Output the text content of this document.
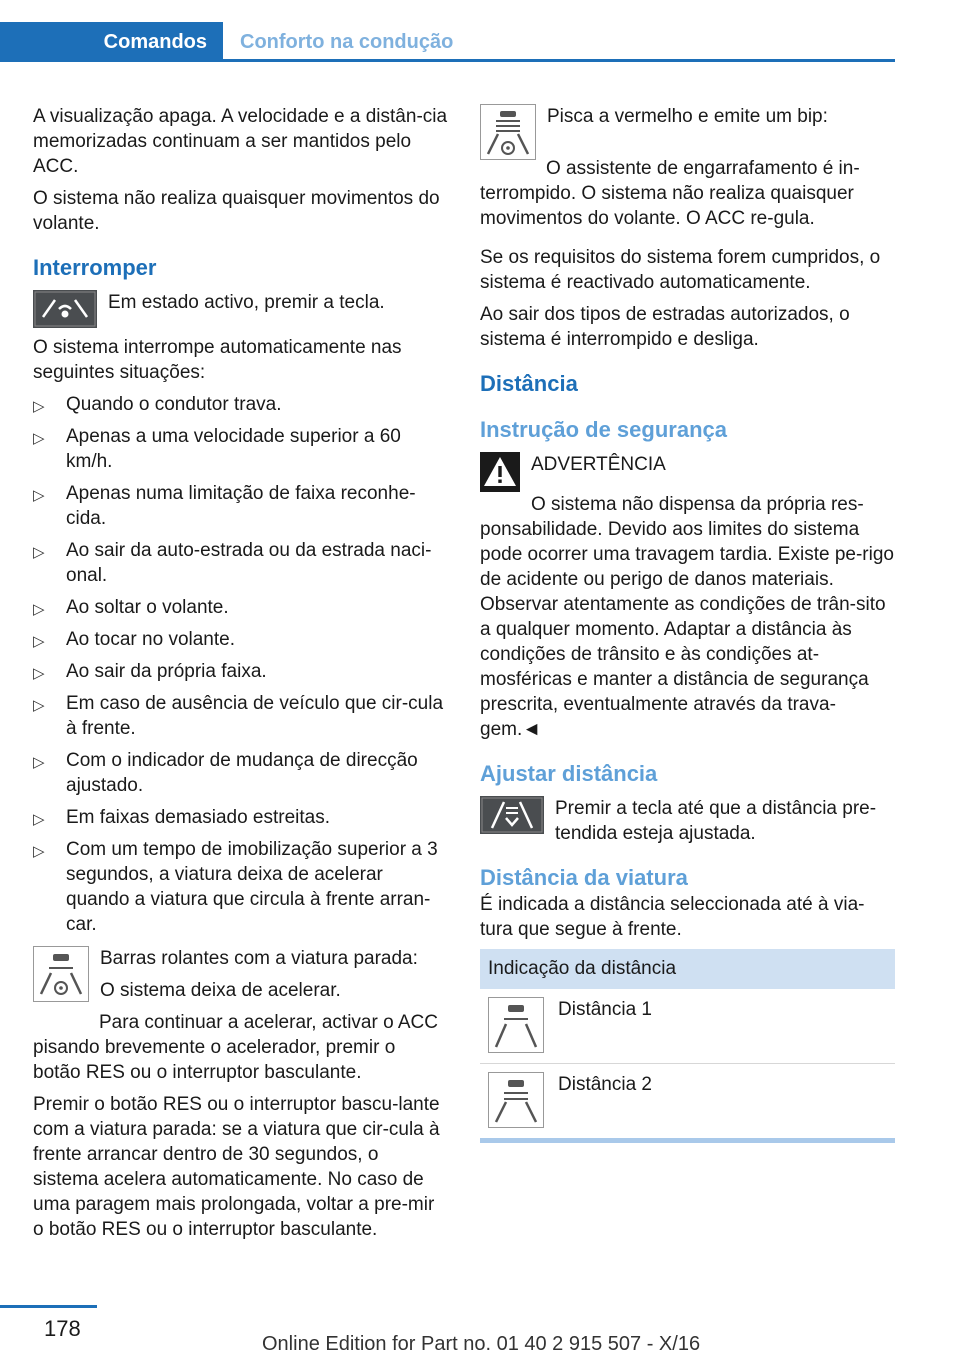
Comandos	Conforto na condução

A visualização apaga. A velocidade e a distân‐cia memorizadas continuam a ser mantidos pelo ACC.

O sistema não realiza quaisquer movimentos do volante.

Interromper
Em estado activo, premir a tecla.

O sistema interrompe automaticamente nas seguintes situações:

▷ Quando o condutor trava.
▷ Apenas a uma velocidade superior a 60 km/h.
▷ Apenas numa limitação de faixa reconhe‐cida.
▷ Ao sair da auto-estrada ou da estrada naci‐onal.
▷ Ao soltar o volante.
▷ Ao tocar no volante.
▷ Ao sair da própria faixa.
▷ Em caso de ausência de veículo que cir‐cula à frente.
▷ Com o indicador de mudança de direcção ajustado.
▷ Em faixas demasiado estreitas.
▷ Com um tempo de imobilização superior a 3 segundos, a viatura deixa de acelerar quando a viatura que circula à frente arran‐car.

Barras rolantes com a viatura parada:

O sistema deixa de acelerar.

Para continuar a acelerar, activar o ACC pisando brevemente o acelerador, premir o botão RES ou o interruptor basculante.

Premir o botão RES ou o interruptor bascu‐lante com a viatura parada: se a viatura que cir‐cula à frente arrancar dentro de 30 segundos, o sistema acelera automaticamente. No caso de uma paragem mais prolongada, voltar a pre‐mir o botão RES ou o interruptor basculante.

Pisca a vermelho e emite um bip:

O assistente de engarrafamento é in‐terrompido. O sistema não realiza quaisquer movimentos do volante. O ACC re‐gula.

Se os requisitos do sistema forem cumpridos, o sistema é reactivado automaticamente.

Ao sair dos tipos de estradas autorizados, o sistema é interrompido e desliga.

Distância
Instrução de segurança
ADVERTÊNCIA

O sistema não dispensa da própria res‐ponsabilidade. Devido aos limites do sistema pode ocorrer uma travagem tardia. Existe pe‐rigo de acidente ou perigo de danos materiais. Observar atentamente as condições de trân‐sito a qualquer momento. Adaptar a distância às condições de trânsito e às condições at‐mosféricas e manter a distância de segurança prescrita, eventualmente através da trava‐gem.◄

Ajustar distância
Premir a tecla até que a distância pre‐tendida esteja ajustada.
Distância da viatura

É indicada a distância seleccionada até à via‐tura que segue à frente.

Indicação da distância
Distância 1
Distância 2
178
Online Edition for Part no. 01 40 2 915 507 - X/16
